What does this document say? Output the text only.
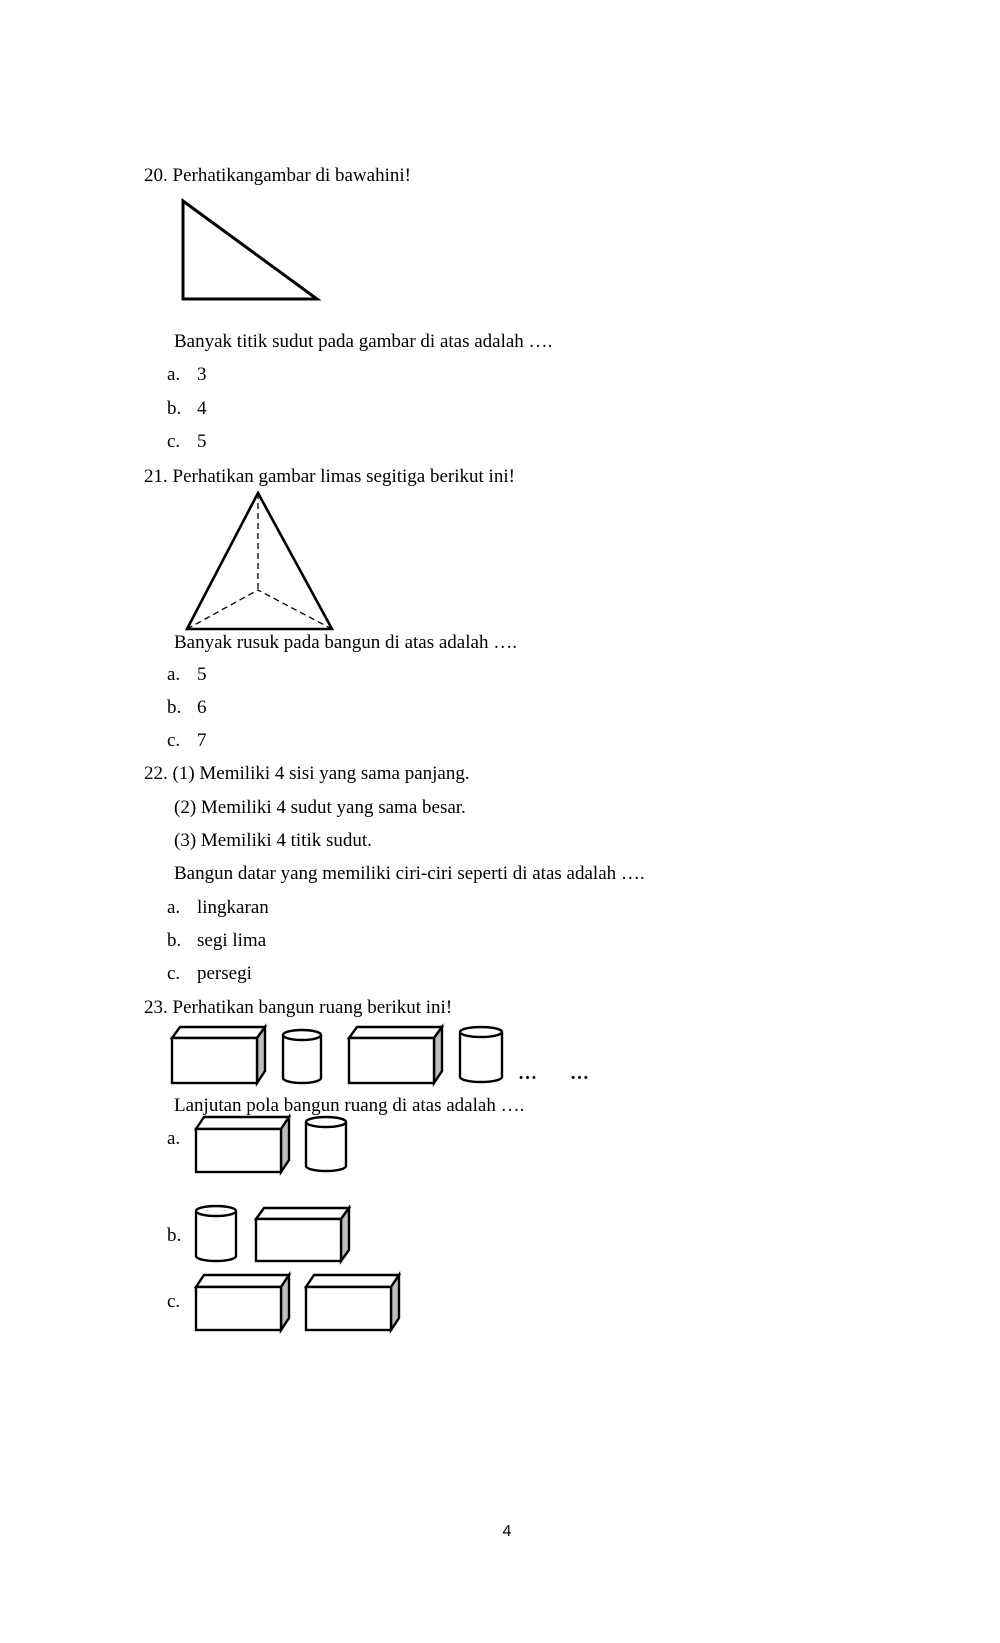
20. Perhatikangambar di bawahini!
Banyak titik sudut pada gambar di atas adalah ….
a. 3
b. 4
c. 5
21. Perhatikan gambar limas segitiga berikut ini!
Banyak rusuk pada bangun di atas adalah ….
a. 5
b. 6
c. 7
22. (1) Memiliki 4 sisi yang sama panjang.
(2) Memiliki 4 sudut yang sama besar.
(3) Memiliki 4 titik sudut.
Bangun datar yang memiliki ciri-ciri seperti di atas adalah ….
a. lingkaran
b. segi lima
c. persegi
23. Perhatikan bangun ruang berikut ini!
… …
Lanjutan pola bangun ruang di atas adalah ….
a.
b.
c.
4
